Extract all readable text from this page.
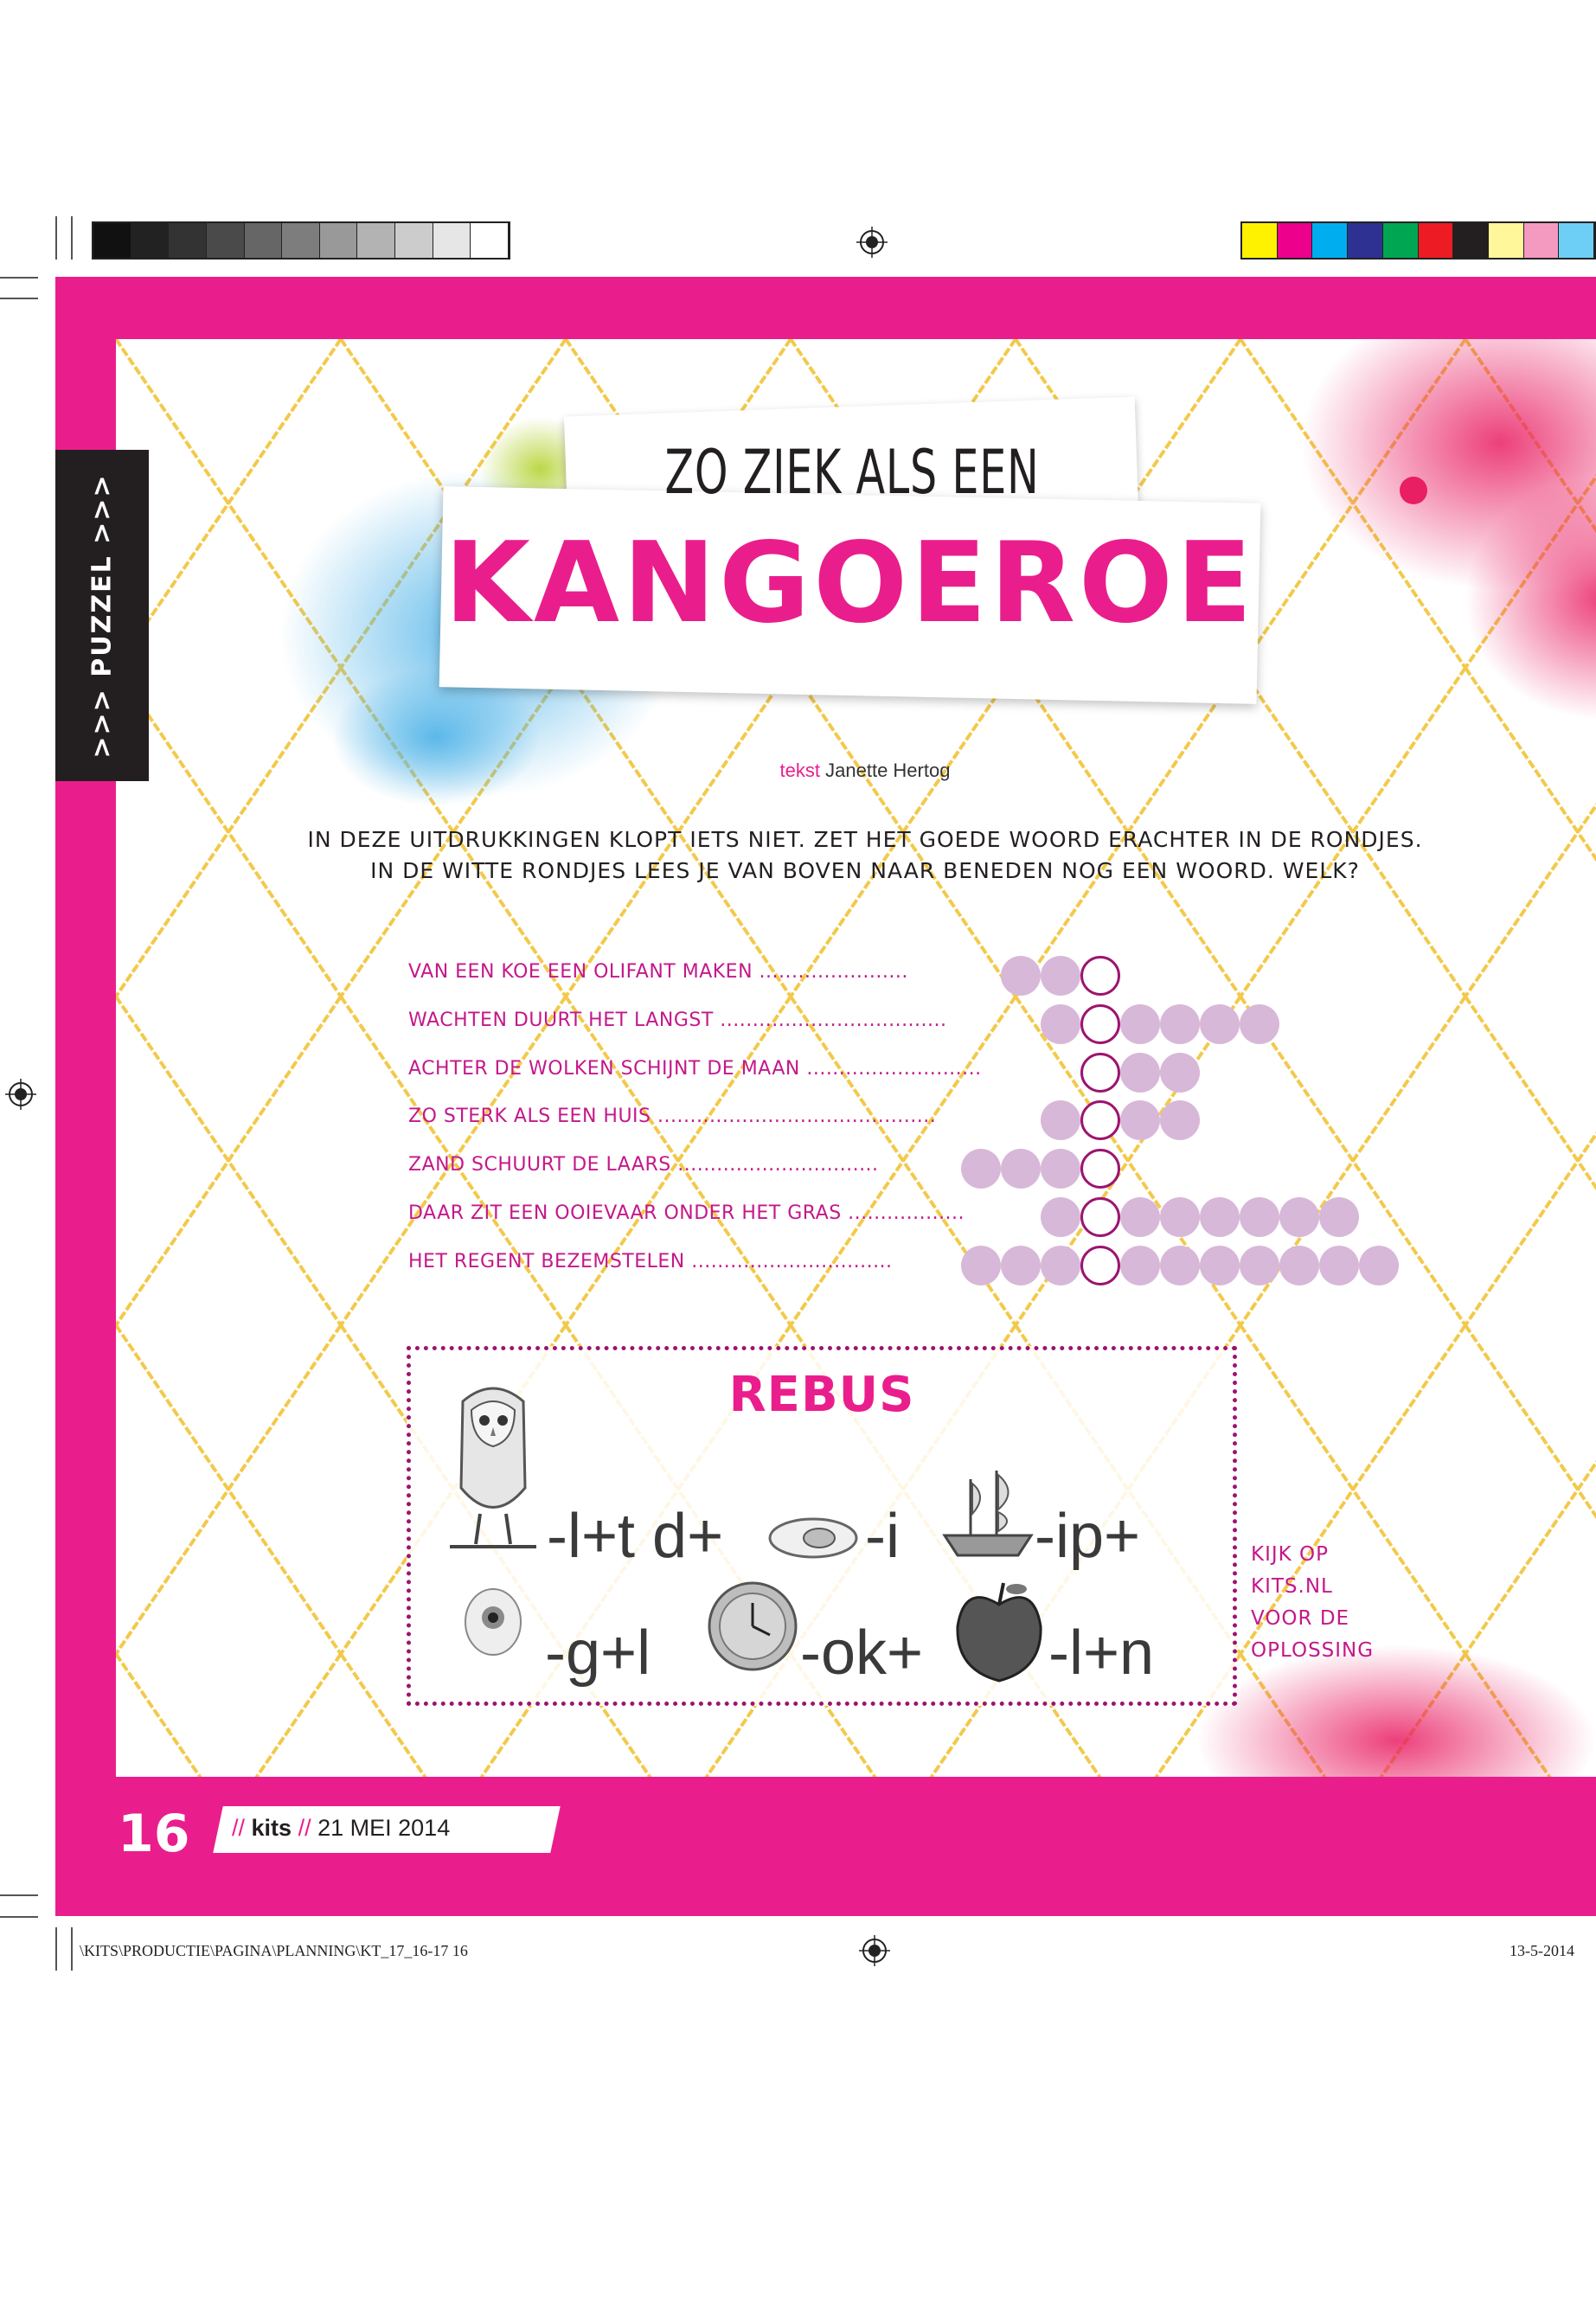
>>> PUZZEL >>>
ZO ZIEK ALS EEN
KANGOEROE
tekst Janette Hertog
IN DEZE UITDRUKKINGEN KLOPT IETS NIET. ZET HET GOEDE WOORD ERACHTER IN DE RONDJES.
IN DE WITTE RONDJES LEES JE VAN BOVEN NAAR BENEDEN NOG EEN WOORD. WELK?
VAN EEN KOE EEN OLIFANT MAKEN .......................
WACHTEN DUURT HET LANGST ...................................
ACHTER DE WOLKEN SCHIJNT DE MAAN ...........................
ZO STERK ALS EEN HUIS ...........................................
ZAND SCHUURT DE LAARS ...............................
DAAR ZIT EEN OOIEVAAR ONDER HET GRAS ..................
HET REGENT BEZEMSTELEN ...............................
REBUS
-l+t d+ -i -ip+
-g+l -ok+ -l+n
KIJK OP
KITS.NL
VOOR DE
OPLOSSING
16 // kits // 21 MEI 2014
\KITS\PRODUCTIE\PAGINA\PLANNING\KT_17_16-17 16	13-5-2014
